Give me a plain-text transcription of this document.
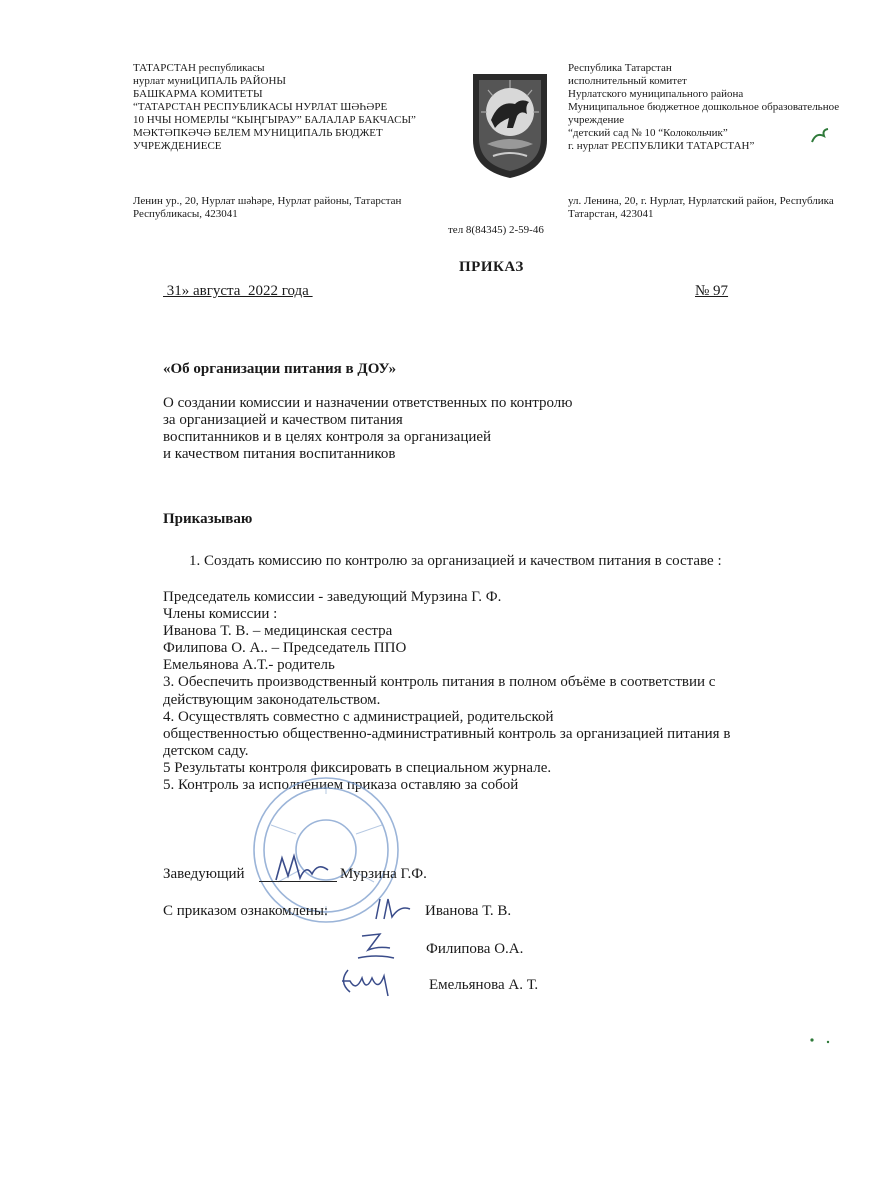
ТАТАРСТАН республикасы
нурлат муниЦИПАЛЬ РАЙОНЫ
БАШКАРМА КОМИТЕТЫ
“ТАТАРСТАН РЕСПУБЛИКАСЫ НУРЛАТ ШӘҺӘРЕ
10 НЧЫ НОМЕРЛЫ “КЫҢГЫРАУ” БАЛАЛАР БАКЧАСЫ”
МӘКТӘПКӘЧӘ БЕЛЕМ МУНИЦИПАЛЬ БЮДЖЕТ
УЧРЕЖДЕНИЕСЕ
Ленин ур., 20, Нурлат шәһәре, Нурлат районы, Татарстан
Республикасы, 423041
Республика Татарстан
исполнительный комитет
Нурлатского муниципального района
Муниципальное бюджетное дошкольное образовательное
учреждение
“детский сад № 10 “Колокольчик”
г. нурлат РЕСПУБЛИКИ ТАТАРСТАН”
ул. Ленина, 20, г. Нурлат, Нурлатский район, Республика
Татарстан, 423041
тел 8(84345) 2-59-46
ПРИКАЗ
31» августа  2022 года	№ 97
«Об организации питания в ДОУ»
О создании комиссии и назначении ответственных по контролю
за организацией и качеством питания
воспитанников и в целях контроля за организацией
и качеством питания воспитанников
Приказываю
1. Создать комиссию по контролю за организацией и качеством питания в составе :
Председатель комиссии - заведующий Мурзина Г. Ф.
Члены комиссии :
Иванова Т. В. – медицинская сестра
Филипова О. А.. – Председатель ППО
Емельянова А.Т.- родитель
3. Обеспечить производственный контроль питания в полном объёме в соответствии с
действующим законодательством.
4. Осуществлять совместно с администрацией, родительской
общественностью общественно-административный контроль за организацией питания в
детском саду.
5 Результаты контроля фиксировать в специальном журнале.
5. Контроль за исполнением приказа оставляю за собой
Заведующий	Мурзина Г.Ф.
С приказом ознакомлены:	Иванова Т. В.
Филипова О.А.
Емельянова А. Т.
